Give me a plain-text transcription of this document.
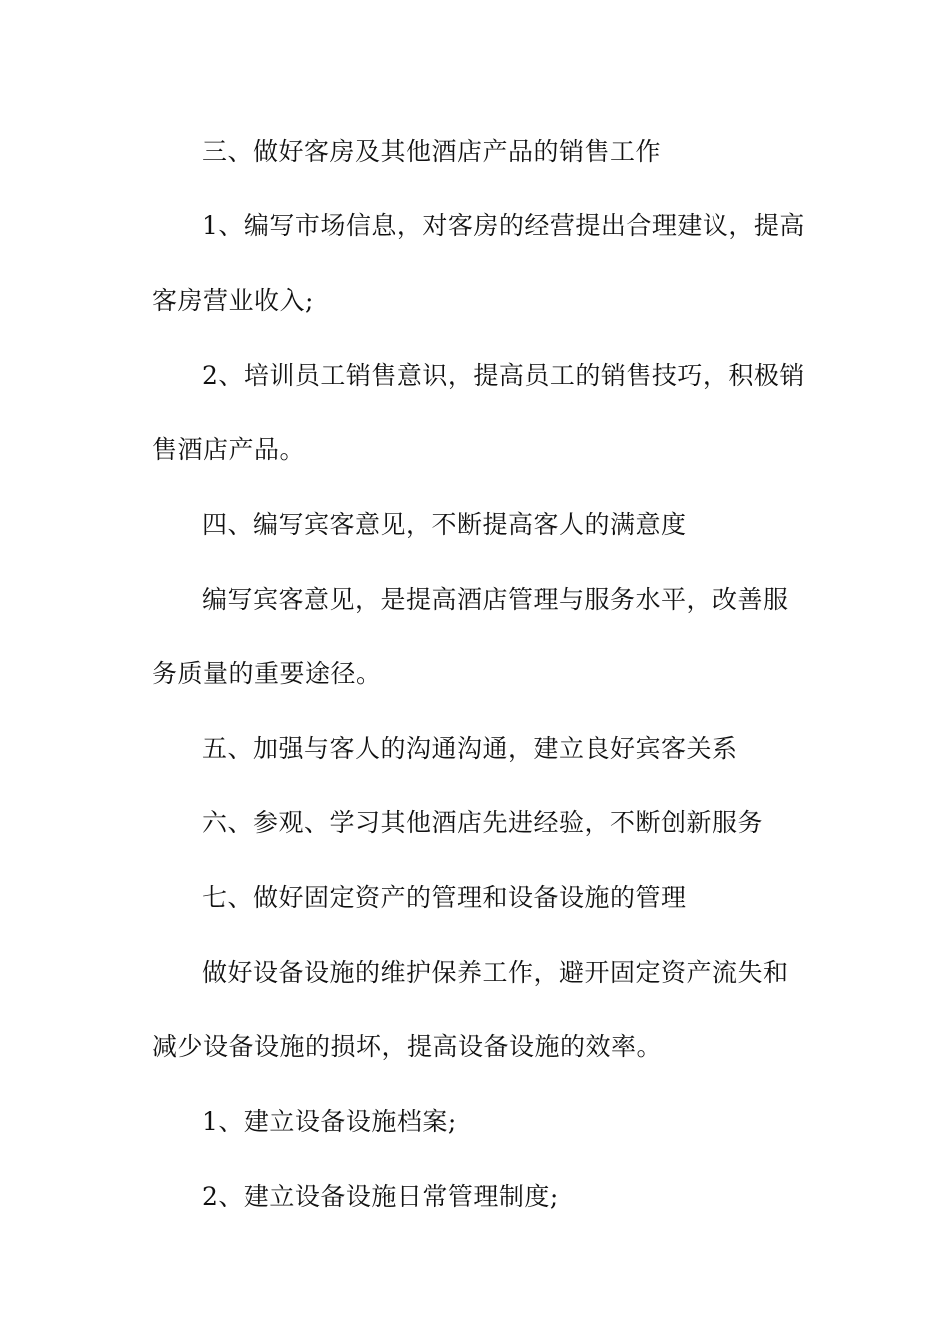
三、做好客房及其他酒店产品的销售工作
1、编写市场信息，对客房的经营提出合理建议，提高
客房营业收入;
2、培训员工销售意识，提高员工的销售技巧，积极销
售酒店产品。
四、编写宾客意见，不断提高客人的满意度
编写宾客意见，是提高酒店管理与服务水平，改善服
务质量的重要途径。
五、加强与客人的沟通沟通，建立良好宾客关系
六、参观、学习其他酒店先进经验，不断创新服务
七、做好固定资产的管理和设备设施的管理
做好设备设施的维护保养工作，避开固定资产流失和
减少设备设施的损坏，提高设备设施的效率。
1、建立设备设施档案;
2、建立设备设施日常管理制度;
